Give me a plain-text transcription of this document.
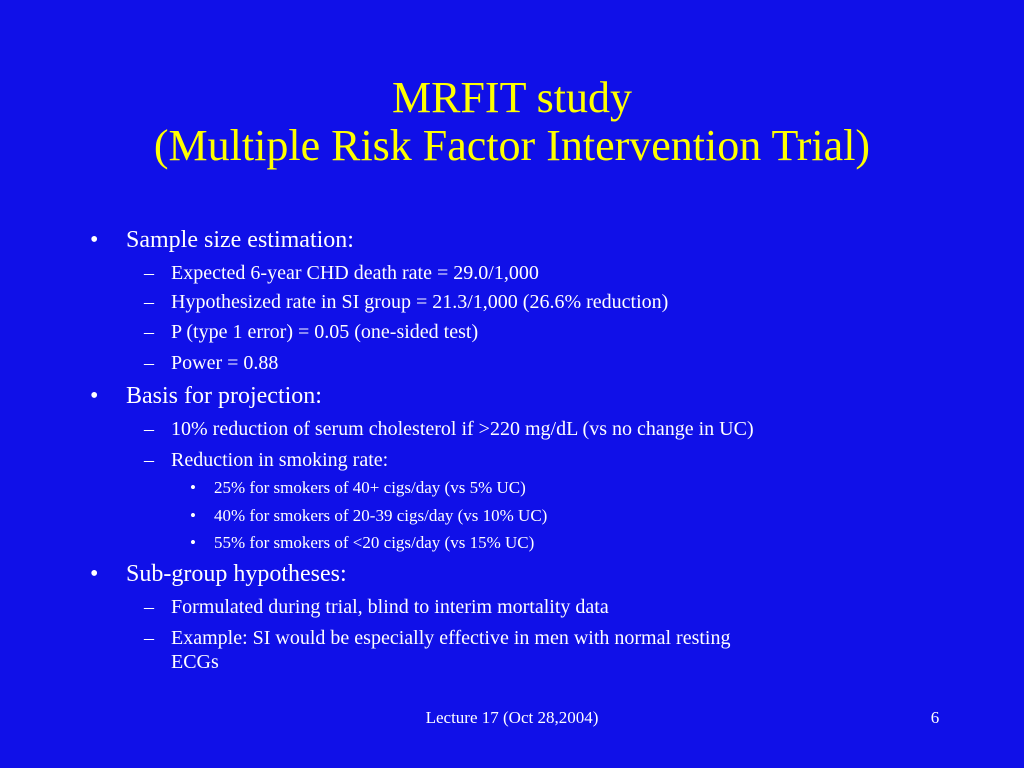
MRFIT study
(Multiple Risk Factor Intervention Trial)
• Sample size estimation:
– Expected 6-year CHD death rate = 29.0/1,000
– Hypothesized rate in SI group = 21.3/1,000 (26.6% reduction)
– P (type 1 error) = 0.05 (one-sided test)
– Power = 0.88
• Basis for projection:
– 10% reduction of serum cholesterol if >220 mg/dL (vs no change in UC)
– Reduction in smoking rate:
• 25% for smokers of 40+ cigs/day (vs 5% UC)
• 40% for smokers of 20-39 cigs/day (vs 10% UC)
• 55% for smokers of <20 cigs/day (vs 15% UC)
• Sub-group hypotheses:
– Formulated during trial, blind to interim mortality data
– Example: SI would be especially effective in men with normal resting
ECGs
Lecture 17 (Oct 28,2004)	6
